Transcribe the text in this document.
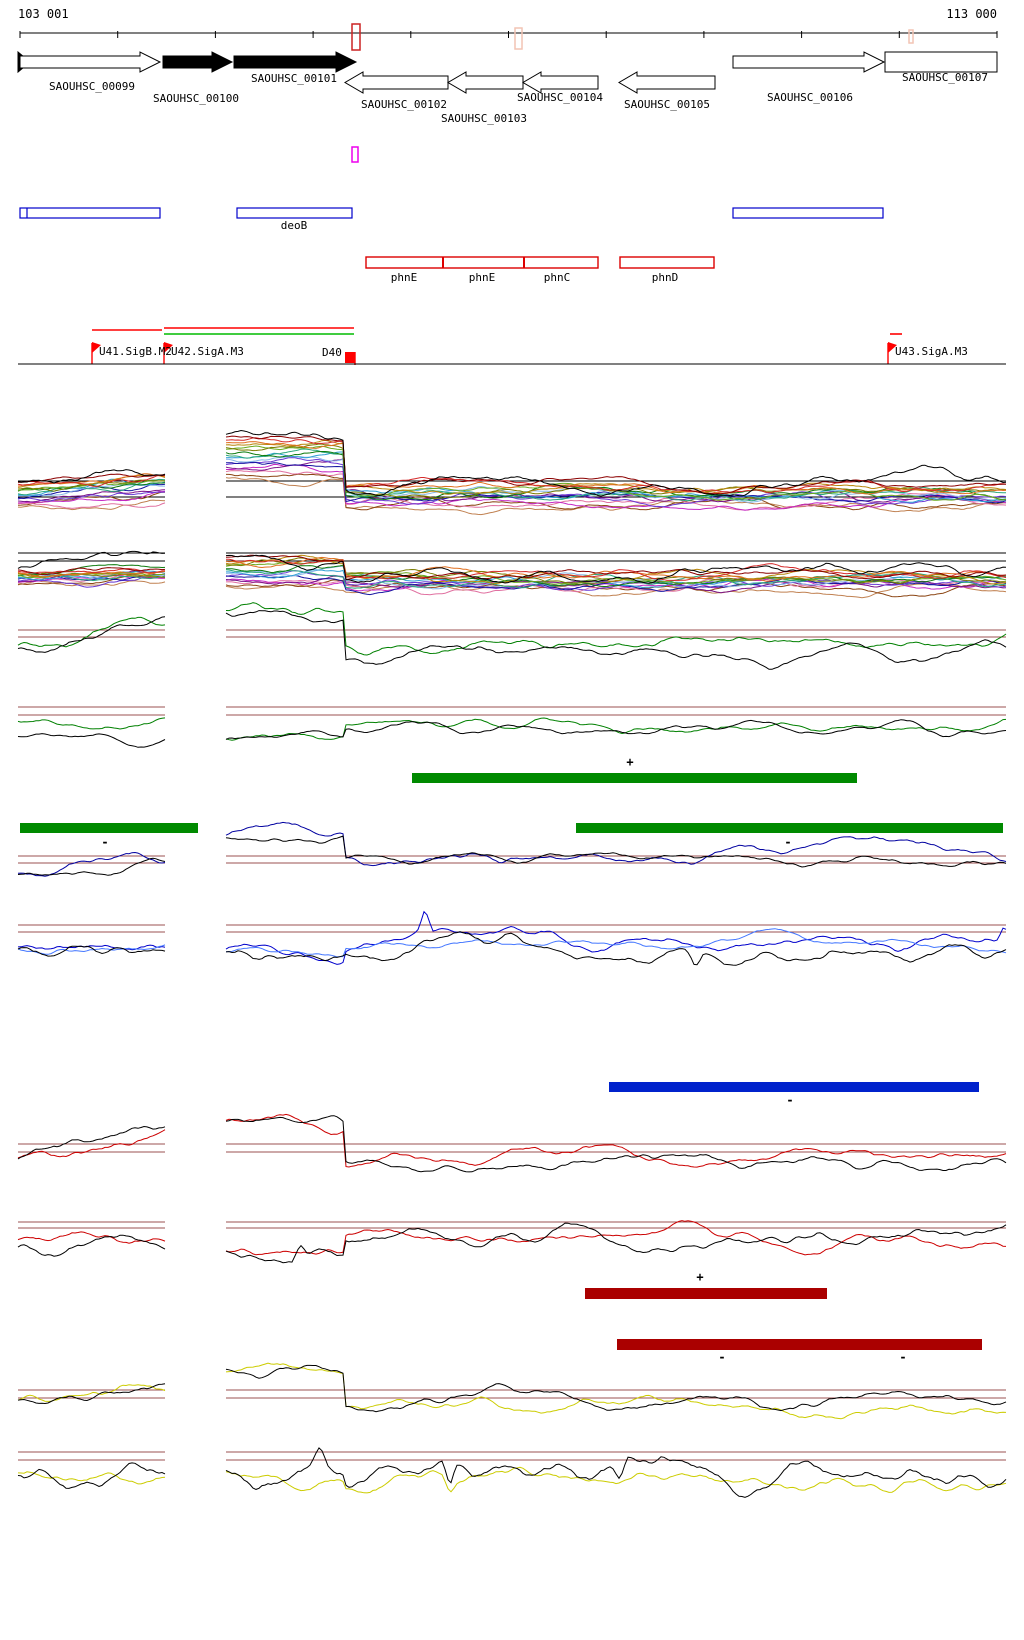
103 001	113 000
SAOUHSC_00099
SAOUHSC_00100
SAOUHSC_00101
SAOUHSC_00102
SAOUHSC_00103
SAOUHSC_00104
SAOUHSC_00105
SAOUHSC_00106
SAOUHSC_00107
deoB
phnE	phnE	phnC	phnD
U41.SigB.M2 U42.SigA.M3	U43.SigA.M3
D40
+
-	-
-
+
-	-
